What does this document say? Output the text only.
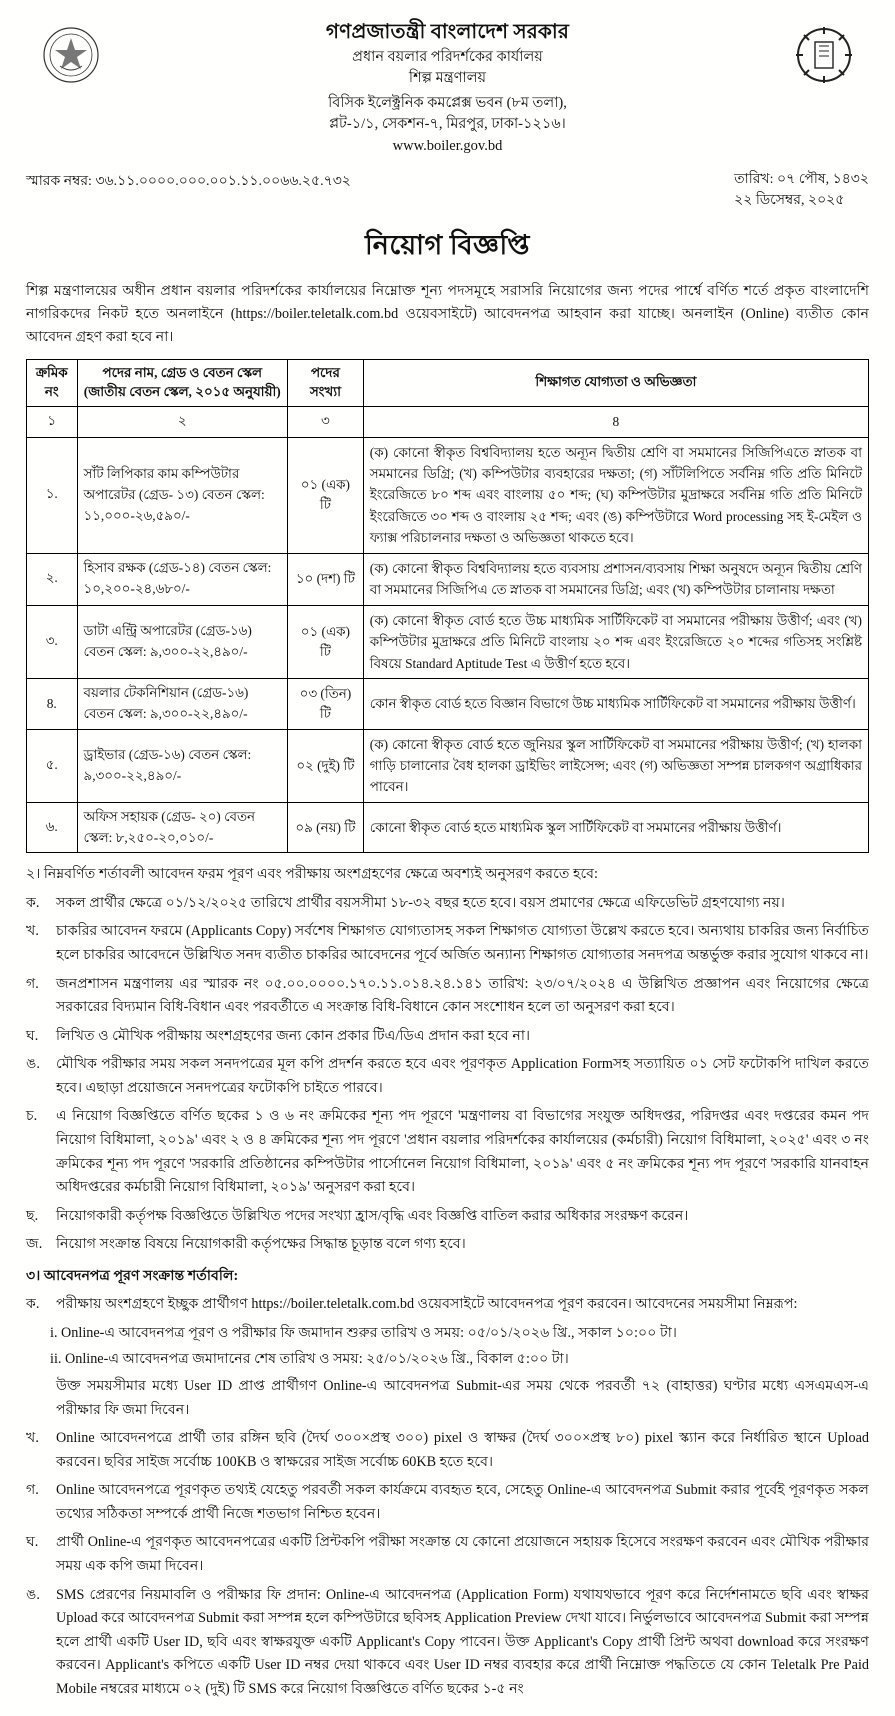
গণপ্রজাতন্ত্রী বাংলাদেশ সরকার
প্রধান বয়লার পরিদর্শকের কার্যালয়
শিল্প মন্ত্রণালয়
বিসিক ইলেক্ট্রনিক কমপ্লেক্স ভবন (৮ম তলা),
প্লট-১/১, সেকশন-৭, মিরপুর, ঢাকা-১২১৬।
www.boiler.gov.bd
স্মারক নম্বর: ৩৬.১১.০০০০.০০০.০০১.১১.০০৬৬.২৫.৭৩২	তারিখ: ০৭ পৌষ, ১৪৩২
২২ ডিসেম্বর, ২০২৫
নিয়োগ বিজ্ঞপ্তি

শিল্প মন্ত্রণালয়ের অধীন প্রধান বয়লার পরিদর্শকের কার্যালয়ের নিম্নোক্ত শূন্য পদসমূহে সরাসরি নিয়োগের জন্য পদের পার্শ্বে বর্ণিত শর্তে প্রকৃত বাংলাদেশি নাগরিকদের নিকট হতে অনলাইনে (https://boiler.teletalk.com.bd ওয়েবসাইটে) আবেদনপত্র আহবান করা যাচ্ছে। অনলাইন (Online) ব্যতীত কোন আবেদন গ্রহণ করা হবে না।

ক্রমিক নং	পদের নাম, গ্রেড ও বেতন স্কেল (জাতীয় বেতন স্কেল, ২০১৫ অনুযায়ী)	পদের সংখ্যা	শিক্ষাগত যোগ্যতা ও অভিজ্ঞতা
১	২	৩	8
১.	সাঁট লিপিকার কাম কম্পিউটার অপারেটর (গ্রেড- ১৩) বেতন স্কেল: ১১,০০০-২৬,৫৯০/-	০১ (এক) টি	(ক) কোনো স্বীকৃত বিশ্ববিদ্যালয় হতে অন্যূন দ্বিতীয় শ্রেণি বা সমমানের সিজিপিএতে স্নাতক বা সমমানের ডিগ্রি; (খ) কম্পিউটার ব্যবহারের দক্ষতা; (গ) সাঁটলিপিতে সর্বনিম্ন গতি প্রতি মিনিটে ইংরেজিতে ৮০ শব্দ এবং বাংলায় ৫০ শব্দ; (ঘ) কম্পিউটার মুদ্রাক্ষরে সর্বনিম্ন গতি প্রতি মিনিটে ইংরেজিতে ৩০ শব্দ ও বাংলায় ২৫ শব্দ; এবং (ঙ) কম্পিউটারে Word processing সহ ই-মেইল ও ফ্যাক্স পরিচালনার দক্ষতা ও অভিজ্ঞতা থাকতে হবে।
২.	হিসাব রক্ষক (গ্রেড-১৪) বেতন স্কেল: ১০,২০০-২৪,৬৮০/-	১০ (দশ) টি	(ক) কোনো স্বীকৃত বিশ্ববিদ্যালয় হতে ব্যবসায় প্রশাসন/ব্যবসায় শিক্ষা অনুষদে অন্যূন দ্বিতীয় শ্রেণি বা সমমানের সিজিপিএ তে স্নাতক বা সমমানের ডিগ্রি; এবং (খ) কম্পিউটার চালানায় দক্ষতা
৩.	ডাটা এন্ট্রি অপারেটর (গ্রেড-১৬) বেতন স্কেল: ৯,৩০০-২২,৪৯০/-	০১ (এক) টি	(ক) কোনো স্বীকৃত বোর্ড হতে উচ্চ মাধ্যমিক সার্টিফিকেট বা সমমানের পরীক্ষায় উত্তীর্ণ; এবং (খ) কম্পিউটার মুদ্রাক্ষরে প্রতি মিনিটে বাংলায় ২০ শব্দ এবং ইংরেজিতে ২০ শব্দের গতিসহ সংশ্লিষ্ট বিষয়ে Standard Aptitude Test এ উত্তীর্ণ হতে হবে।
8.	বয়লার টেকনিশিয়ান (গ্রেড-১৬) বেতন স্কেল: ৯,৩০০-২২,৪৯০/-	০৩ (তিন) টি	কোন স্বীকৃত বোর্ড হতে বিজ্ঞান বিভাগে উচ্চ মাধ্যমিক সার্টিফিকেট বা সমমানের পরীক্ষায় উত্তীর্ণ।
৫.	ড্রাইভার (গ্রেড-১৬) বেতন স্কেল: ৯,৩০০-২২,৪৯০/-	০২ (দুই) টি	(ক) কোনো স্বীকৃত বোর্ড হতে জুনিয়র স্কুল সার্টিফিকেট বা সমমানের পরীক্ষায় উত্তীর্ণ; (খ) হালকা গাড়ি চালানোর বৈধ হালকা ড্রাইভিং লাইসেন্স; এবং (গ) অভিজ্ঞতা সম্পন্ন চালকগণ অগ্রাধিকার পাবেন।
৬.	অফিস সহায়ক (গ্রেড- ২০) বেতন স্কেল: ৮,২৫০-২০,০১০/-	০৯ (নয়) টি	কোনো স্বীকৃত বোর্ড হতে মাধ্যমিক স্কুল সার্টিফিকেট বা সমমানের পরীক্ষায় উত্তীর্ণ।
২। নিম্নবর্ণিত শর্তাবলী আবেদন ফরম পূরণ এবং পরীক্ষায় অংশগ্রহণের ক্ষেত্রে অবশ্যই অনুসরণ করতে হবে:
ক.	সকল প্রার্থীর ক্ষেত্রে ০১/১২/২০২৫ তারিখে প্রার্থীর বয়সসীমা ১৮-৩২ বছর হতে হবে। বয়স প্রমাণের ক্ষেত্রে এফিডেভিট গ্রহণযোগ্য নয়।
খ.	চাকরির আবেদন ফরমে (Applicants Copy) সর্বশেষ শিক্ষাগত যোগ্যতাসহ সকল শিক্ষাগত যোগ্যতা উল্লেখ করতে হবে। অন্যথায় চাকরির জন্য নির্বাচিত হলে চাকরির আবেদনে উল্লিখিত সনদ ব্যতীত চাকরির আবেদনের পূর্বে অর্জিত অন্যান্য শিক্ষাগত যোগ্যতার সনদপত্র অন্তর্ভুক্ত করার সুযোগ থাকবে না।
গ.	জনপ্রশাসন মন্ত্রণালয় এর স্মারক নং ০৫.০০.০০০০.১৭০.১১.০১৪.২৪.১৪১ তারিখ: ২৩/০৭/২০২৪ এ উল্লিখিত প্রজ্ঞাপন এবং নিয়োগের ক্ষেত্রে সরকারের বিদ্যমান বিধি-বিধান এবং পরবর্তীতে এ সংক্রান্ত বিধি-বিধানে কোন সংশোধন হলে তা অনুসরণ করা হবে।
ঘ.	লিখিত ও মৌখিক পরীক্ষায় অংশগ্রহণের জন্য কোন প্রকার টিএ/ডিএ প্রদান করা হবে না।
ঙ.	মৌখিক পরীক্ষার সময় সকল সনদপত্রের মূল কপি প্রদর্শন করতে হবে এবং পূরণকৃত Application Formসহ সত্যায়িত ০১ সেট ফটোকপি দাখিল করতে হবে। এছাড়া প্রয়োজনে সনদপত্রের ফটোকপি চাইতে পারবে।
চ.	এ নিয়োগ বিজ্ঞপ্তিতে বর্ণিত ছকের ১ ও ৬ নং ক্রমিকের শূন্য পদ পূরণে 'মন্ত্রণালয় বা বিভাগের সংযুক্ত অধিদপ্তর, পরিদপ্তর এবং দপ্তরের কমন পদ নিয়োগ বিধিমালা, ২০১৯' এবং ২ ও ৪ ক্রমিকের শূন্য পদ পূরণে 'প্রধান বয়লার পরিদর্শকের কার্যালয়ের (কর্মচারী) নিয়োগ বিধিমালা, ২০২৫' এবং ৩ নং ক্রমিকের শূন্য পদ পূরণে 'সরকারি প্রতিষ্ঠানের কম্পিউটার পার্সোনেল নিয়োগ বিধিমালা, ২০১৯' এবং ৫ নং ক্রমিকের শূন্য পদ পূরণে 'সরকারি যানবাহন অধিদপ্তরের কর্মচারী নিয়োগ বিধিমালা, ২০১৯' অনুসরণ করা হবে।
ছ.	নিয়োগকারী কর্তৃপক্ষ বিজ্ঞপ্তিতে উল্লিখিত পদের সংখ্যা হ্রাস/বৃদ্ধি এবং বিজ্ঞপ্তি বাতিল করার অধিকার সংরক্ষণ করেন।
জ. নিয়োগ সংক্রান্ত বিষয়ে নিয়োগকারী কর্তৃপক্ষের সিদ্ধান্ত চূড়ান্ত বলে গণ্য হবে।
৩। আবেদনপত্র পূরণ সংক্রান্ত শর্তাবলি:
ক.	পরীক্ষায় অংশগ্রহণে ইচ্ছুক প্রার্থীগণ https://boiler.teletalk.com.bd ওয়েবসাইটে আবেদনপত্র পূরণ করবেন। আবেদনের সময়সীমা নিম্নরূপ:
i. Online-এ আবেদনপত্র পূরণ ও পরীক্ষার ফি জমাদান শুরুর তারিখ ও সময়: ০৫/০১/২০২৬ খ্রি., সকাল ১০:০০ টা।
ii. Online-এ আবেদনপত্র জমাদানের শেষ তারিখ ও সময়: ২৫/০১/২০২৬ খ্রি., বিকাল ৫:০০ টা।
উক্ত সময়সীমার মধ্যে User ID প্রাপ্ত প্রার্থীগণ Online-এ আবেদনপত্র Submit-এর সময় থেকে পরবর্তী ৭২ (বাহাত্তর) ঘণ্টার মধ্যে এসএমএস-এ পরীক্ষার ফি জমা দিবেন।
খ.	Online আবেদনপত্রে প্রার্থী তার রঙ্গিন ছবি (দৈর্ঘ ৩০০×প্রস্থ ৩০০) pixel ও স্বাক্ষর (দৈর্ঘ ৩০০×প্রস্থ ৮০) pixel স্ক্যান করে নির্ধারিত স্থানে Upload করবেন। ছবির সাইজ সর্বোচ্চ 100KB ও স্বাক্ষরের সাইজ সর্বোচ্চ 60KB হতে হবে।
গ.	Online আবেদনপত্রে পূরণকৃত তথ্যই যেহেতু পরবর্তী সকল কার্যক্রমে ব্যবহৃত হবে, সেহেতু Online-এ আবেদনপত্র Submit করার পূর্বেই পূরণকৃত সকল তথ্যের সঠিকতা সম্পর্কে প্রার্থী নিজে শতভাগ নিশ্চিত হবেন।
ঘ.	প্রার্থী Online-এ পূরণকৃত আবেদনপত্রের একটি প্রিন্টকপি পরীক্ষা সংক্রান্ত যে কোনো প্রয়োজনে সহায়ক হিসেবে সংরক্ষণ করবেন এবং মৌখিক পরীক্ষার সময় এক কপি জমা দিবেন।
ঙ.	SMS প্রেরণের নিয়মাবলি ও পরীক্ষার ফি প্রদান: Online-এ আবেদনপত্র (Application Form) যথাযথভাবে পূরণ করে নির্দেশনামতে ছবি এবং স্বাক্ষর Upload করে আবেদনপত্র Submit করা সম্পন্ন হলে কম্পিউটারে ছবিসহ Application Preview দেখা যাবে। নির্ভুলভাবে আবেদনপত্র Submit করা সম্পন্ন হলে প্রার্থী একটি User ID, ছবি এবং স্বাক্ষরযুক্ত একটি Applicant's Copy পাবেন। উক্ত Applicant's Copy প্রার্থী প্রিন্ট অথবা download করে সংরক্ষণ করবেন। Applicant's কপিতে একটি User ID নম্বর দেয়া থাকবে এবং User ID নম্বর ব্যবহার করে প্রার্থী নিম্নোক্ত পদ্ধতিতে যে কোন Teletalk Pre Paid Mobile নম্বরের মাধ্যমে ০২ (দুই) টি SMS করে নিয়োগ বিজ্ঞপ্তিতে বর্ণিত ছকের ১-৫ নং
